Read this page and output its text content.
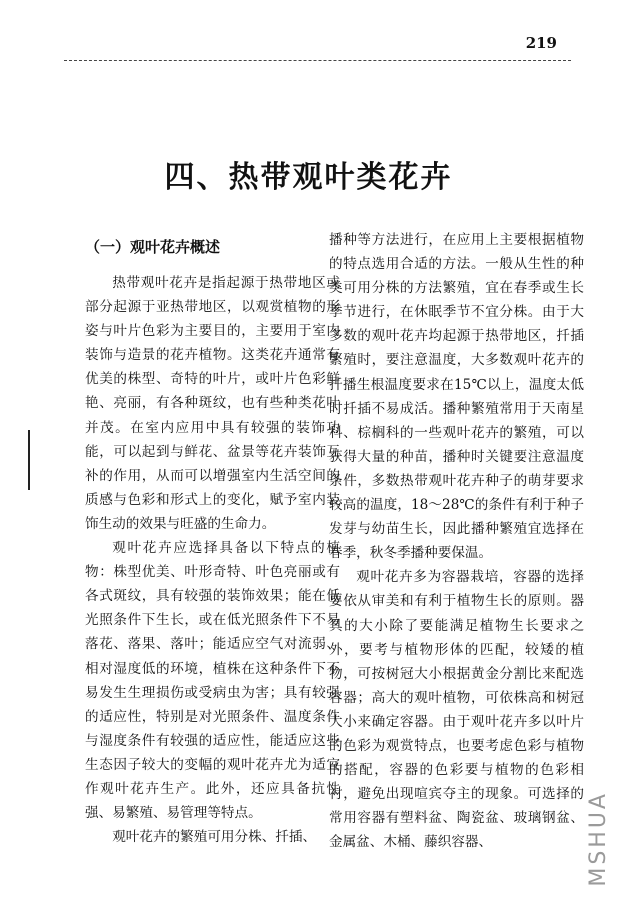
219
四、热带观叶类花卉
（一）观叶花卉概述

热带观叶花卉是指起源于热带地区或部分起源于亚热带地区，以观赏植物的形姿与叶片色彩为主要目的，主要用于室内装饰与造景的花卉植物。这类花卉通常有优美的株型、奇特的叶片，或叶片色彩鲜艳、亮丽，有各种斑纹，也有些种类花叶并茂。在室内应用中具有较强的装饰功能，可以起到与鲜花、盆景等花卉装饰互补的作用，从而可以增强室内生活空间的质感与色彩和形式上的变化，赋予室内装饰生动的效果与旺盛的生命力。

观叶花卉应选择具备以下特点的植物：株型优美、叶形奇特、叶色亮丽或有各式斑纹，具有较强的装饰效果；能在低光照条件下生长，或在低光照条件下不易落花、落果、落叶；能适应空气对流弱、相对湿度低的环境，植株在这种条件下不易发生生理损伤或受病虫为害；具有较强的适应性，特别是对光照条件、温度条件与湿度条件有较强的适应性，能适应这些生态因子较大的变幅的观叶花卉尤为适宜作观叶花卉生产。此外，还应具备抗性强、易繁殖、易管理等特点。

观叶花卉的繁殖可用分株、扦插、

播种等方法进行，在应用上主要根据植物的特点选用合适的方法。一般从生性的种类可用分株的方法繁殖，宜在春季或生长季节进行，在休眠季节不宜分株。由于大多数的观叶花卉均起源于热带地区，扦插繁殖时，要注意温度，大多数观叶花卉的扦播生根温度要求在15℃以上，温度太低时扦插不易成活。播种繁殖常用于天南星科、棕榈科的一些观叶花卉的繁殖，可以获得大量的种苗，播种时关键要注意温度条件，多数热带观叶花卉种子的萌芽要求较高的温度，18～28℃的条件有利于种子发芽与幼苗生长，因此播种繁殖宜选择在春季，秋冬季播种要保温。

观叶花卉多为容器栽培，容器的选择要依从审美和有利于植物生长的原则。器具的大小除了要能满足植物生长要求之外，要考与植物形体的匹配，较矮的植物，可按树冠大小根据黄金分割比来配选容器；高大的观叶植物，可依株高和树冠大小来确定容器。由于观叶花卉多以叶片的色彩为观赏特点，也要考虑色彩与植物的搭配，容器的色彩要与植物的色彩相衬，避免出现喧宾夺主的现象。可选择的常用容器有塑料盆、陶瓷盆、玻璃钢盆、金属盆、木桶、藤织容器、	MSHUA
